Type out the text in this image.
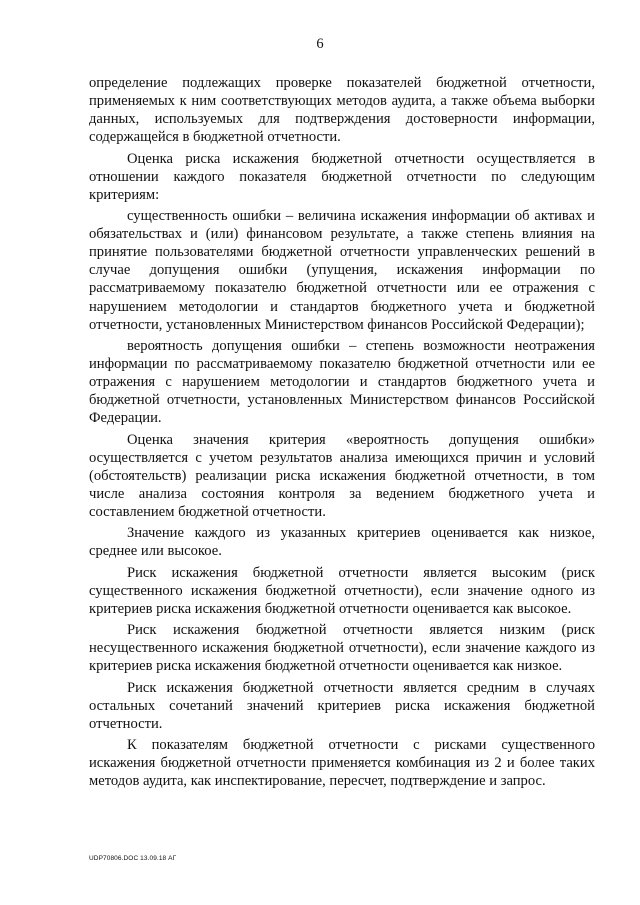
6

определение подлежащих проверке показателей бюджетной отчетности, применяемых к ним соответствующих методов аудита, а также объема выборки данных, используемых для подтверждения достоверности информации, содержащейся в бюджетной отчетности.

Оценка риска искажения бюджетной отчетности осуществляется в отношении каждого показателя бюджетной отчетности по следующим критериям:

существенность ошибки – величина искажения информации об активах и обязательствах и (или) финансовом результате, а также степень влияния на принятие пользователями бюджетной отчетности управленческих решений в случае допущения ошибки (упущения, искажения информации по рассматриваемому показателю бюджетной отчетности или ее отражения с нарушением методологии и стандартов бюджетного учета и бюджетной отчетности, установленных Министерством финансов Российской Федерации);

вероятность допущения ошибки – степень возможности неотражения информации по рассматриваемому показателю бюджетной отчетности или ее отражения с нарушением методологии и стандартов бюджетного учета и бюджетной отчетности, установленных Министерством финансов Российской Федерации.

Оценка значения критерия «вероятность допущения ошибки» осуществляется с учетом результатов анализа имеющихся причин и условий (обстоятельств) реализации риска искажения бюджетной отчетности, в том числе анализа состояния контроля за ведением бюджетного учета и составлением бюджетной отчетности.

Значение каждого из указанных критериев оценивается как низкое, среднее или высокое.

Риск искажения бюджетной отчетности является высоким (риск существенного искажения бюджетной отчетности), если значение одного из критериев риска искажения бюджетной отчетности оценивается как высокое.

Риск искажения бюджетной отчетности является низким (риск несущественного искажения бюджетной отчетности), если значение каждого из критериев риска искажения бюджетной отчетности оценивается как низкое.

Риск искажения бюджетной отчетности является средним в случаях остальных сочетаний значений критериев риска искажения бюджетной отчетности.

К показателям бюджетной отчетности с рисками существенного искажения бюджетной отчетности применяется комбинация из 2 и более таких методов аудита, как инспектирование, пересчет, подтверждение и запрос.

UDP70806.DOC 13.09.18 АГ
